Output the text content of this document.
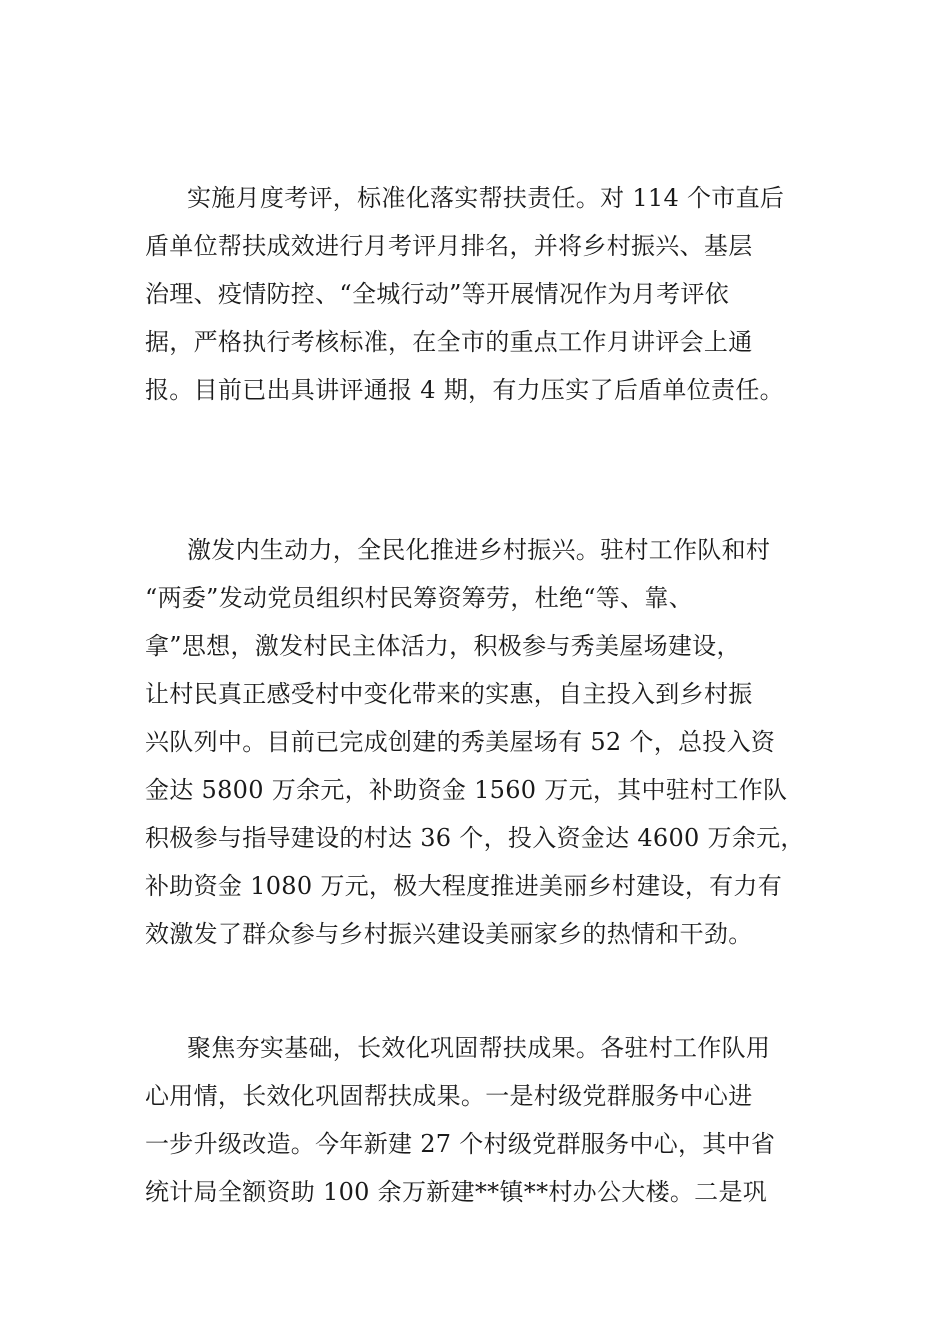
实施月度考评，标准化落实帮扶责任。对 114 个市直后
盾单位帮扶成效进行月考评月排名，并将乡村振兴、基层
治理、疫情防控、“全城行动”等开展情况作为月考评依
据，严格执行考核标准，在全市的重点工作月讲评会上通
报。目前已出具讲评通报 4 期，有力压实了后盾单位责任。
激发内生动力，全民化推进乡村振兴。驻村工作队和村
“两委”发动党员组织村民筹资筹劳，杜绝“等、靠、
拿”思想，激发村民主体活力，积极参与秀美屋场建设，
让村民真正感受村中变化带来的实惠，自主投入到乡村振
兴队列中。目前已完成创建的秀美屋场有 52 个，总投入资
金达 5800 万余元，补助资金 1560 万元，其中驻村工作队
积极参与指导建设的村达 36 个，投入资金达 4600 万余元，
补助资金 1080 万元，极大程度推进美丽乡村建设，有力有
效激发了群众参与乡村振兴建设美丽家乡的热情和干劲。
聚焦夯实基础，长效化巩固帮扶成果。各驻村工作队用
心用情，长效化巩固帮扶成果。一是村级党群服务中心进
一步升级改造。今年新建 27 个村级党群服务中心，其中省
统计局全额资助 100 余万新建**镇**村办公大楼。二是巩
